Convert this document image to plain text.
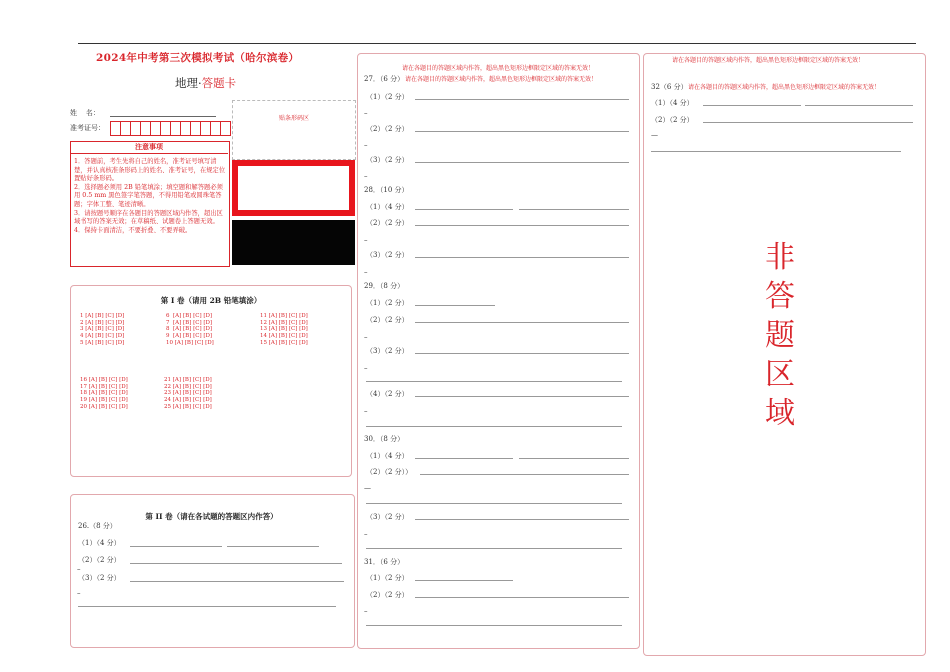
2024年中考第三次模拟考试（哈尔滨卷）
地理·答题卡
姓    名：
准考证号：
贴条形码区
注意事项
1．答题前，考生先将自己的姓名，准考证号填写清楚，并认真核准条形码上的姓名、准考证号，在规定位置贴好条形码。
2．选择题必须用 2B 铅笔填涂；填空题和解答题必须用 0.5 mm 黑色签字笔答题，不得用铅笔或圆珠笔答题；字体工整、笔迹清晰。
3．请按题号顺序在各题目的答题区域内作答，超出区域书写的答案无效；在草稿纸、试题卷上答题无效。
4．保持卡面清洁，不要折叠、不要弄破。
第 I 卷（请用 2B 铅笔填涂）
1 [A] [B] [C] [D]
2 [A] [B] [C] [D]
3 [A] [B] [C] [D]
4 [A] [B] [C] [D]
5 [A] [B] [C] [D]
6  [A] [B] [C] [D]
7  [A] [B] [C] [D]
8  [A] [B] [C] [D]
9  [A] [B] [C] [D]
10 [A] [B] [C] [D]
11 [A] [B] [C] [D]
12 [A] [B] [C] [D]
13 [A] [B] [C] [D]
14 [A] [B] [C] [D]
15 [A] [B] [C] [D]
16 [A] [B] [C] [D]
17 [A] [B] [C] [D]
18 [A] [B] [C] [D]
19 [A] [B] [C] [D]
20 [A] [B] [C] [D]
21 [A] [B] [C] [D]
22 [A] [B] [C] [D]
23 [A] [B] [C] [D]
24 [A] [B] [C] [D]
25 [A] [B] [C] [D]
第 II 卷（请在各试题的答题区内作答）
26.（8 分）
（1）（4 分）
（2）（2 分）
–
（3）（2 分）
–
请在各题目的答题区域内作答，超出黑色矩形边框限定区域的答案无效！
27．（6 分） 请在各题目的答题区域内作答，超出黑色矩形边框限定区域的答案无效！
（1）（2 分）
–
（2）（2 分）
–
（3）（2 分）
–
28．（10 分）
（1）（4 分）
（2）（2 分）
–
（3）（2 分）
–
29．（8 分）
（1）（2 分）
（2）（2 分）
–
（3）（2 分）
–
（4）（2 分）
–
30．（8 分）
（1）（4 分）
（2）（2 分））
—
（3）（2 分）
–
31．（6 分）
（1）（2 分）
（2）（2 分）
–
请在各题目的答题区域内作答，超出黑色矩形边框限定区域的答案无效！
32（6 分） 请在各题目的答题区域内作答，超出黑色矩形边框限定区域的答案无效！
（1）（4 分）
（2）（2 分）
—
非
答
题
区
域
